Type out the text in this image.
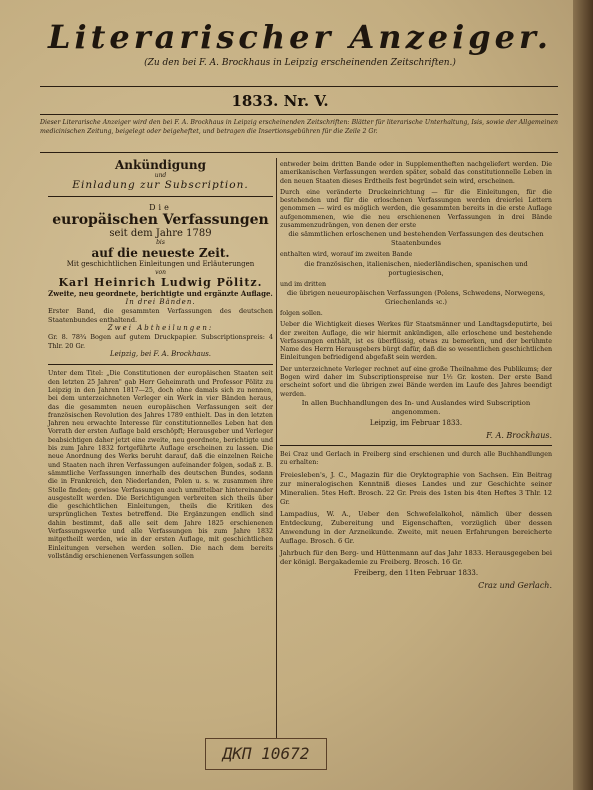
Literarischer Anzeiger.
(Zu den bei F. A. Brockhaus in Leipzig erscheinenden Zeitschriften.)
1833. Nr. V.
Dieser Literarische Anzeiger wird den bei F. A. Brockhaus in Leipzig erscheinenden Zeitschriften: Blätter für literarische Unterhaltung, Isis, sowie der Allgemeinen medicinischen Zeitung, beigelegt oder beigeheftet, und betragen die Insertionsgebühren für die Zeile 2 Gr.
Ankündigung
und
Einladung zur Subscription.
Die
europäischen Verfassungen
seit dem Jahre 1789
bis
auf die neueste Zeit.
Mit geschichtlichen Einleitungen und Erläuterungen
von
Karl Heinrich Ludwig Pölitz.
Zweite, neu geordnete, berichtigte und ergänzte Auflage.
In drei Bänden.
Erster Band, die gesammten Verfassungen des deutschen Staatenbundes enthaltend.
Zwei Abtheilungen:
Gr. 8. 78¾ Bogen auf gutem Druckpapier. Subscriptionspreis: 4 Thlr. 20 Gr.
Leipzig, bei F. A. Brockhaus.
Unter dem Titel: „Die Constitutionen der europäischen Staaten seit den letzten 25 Jahren" gab Herr Geheimrath und Professor Pölitz zu Leipzig in den Jahren 1817—25, doch ohne damals sich zu nennen, bei dem unterzeichneten Verleger ein Werk in vier Bänden heraus, das die gesammten neuen europäischen Verfassungen seit der französischen Revolution des Jahres 1789 enthielt. Das in den letzten Jahren neu erwachte Interesse für constitutionnelles Leben hat den Vorrath der ersten Auflage bald erschöpft; Herausgeber und Verleger beabsichtigen daher jetzt eine zweite, neu geordnete, berichtigte und bis zum Jahre 1832 fortgeführte Auflage erscheinen zu lassen. Die neue Anordnung des Werks beruht darauf, daß die einzelnen Reiche und Staaten nach ihren Verfassungen aufeinander folgen, sodaß z. B. sämmtliche Verfassungen innerhalb des deutschen Bundes, sodann die in Frankreich, den Niederlanden, Polen u. s. w. zusammen ihre Stelle finden; gewisse Verfassungen auch unmittelbar hintereinander ausgestellt werden. Die Berichtigungen verbreiten sich theils über die geschichtlichen Einleitungen, theils die Kritiken des ursprünglichen Textes betreffend. Die Ergänzungen endlich sind dahin bestimmt, daß alle seit dem Jahre 1825 erschienenen Verfassungswerke und alle Verfassungen bis zum Jahre 1832 mitgetheilt werden, wie in der ersten Auflage, mit geschichtlichen Einleitungen versehen werden sollen. Die nach dem bereits vollständig erschienenen Verfassungen sollen
entweder beim dritten Bande oder in Supplementheften nachgeliefert werden. Die amerikanischen Verfassungen werden später, sobald das constitutionnelle Leben in den neuen Staaten dieses Erdtheils fest begründet sein wird, erscheinen.
Durch eine veränderte Druckeinrichtung — für die Einleitungen, für die bestehenden und für die erloschenen Verfassungen werden dreierlei Lettern genommen — wird es möglich werden, die gesammten bereits in die erste Auflage aufgenommenen, wie die neu erschienenen Verfassungen in drei Bände zusammenzudrängen, von denen der erste
die sämmtlichen erloschenen und bestehenden Verfassungen des deutschen Staatenbundes
enthalten wird, worauf im zweiten Bande
die französischen, italienischen, niederländischen, spanischen und portugiesischen,
und im dritten
die übrigen neueuropäischen Verfassungen (Polens, Schwedens, Norwegens, Griechenlands ꝛc.)
folgen sollen.
Ueber die Wichtigkeit dieses Werkes für Staatsmänner und Landtagsdeputirte, bei der zweiten Auflage, die wir hiermit ankündigen, alle erloschene und bestehende Verfassungen enthält, ist es überflüssig, etwas zu bemerken, und der berühmte Name des Herrn Herausgebers bürgt dafür, daß die so wesentlichen geschichtlichen Einleitungen befriedigend abgefaßt sein werden.
Der unterzeichnete Verleger rechnet auf eine große Theilnahme des Publikums; der Bogen wird daher im Subscriptionspreise nur 1½ Gr. kosten. Der erste Band erscheint sofort und die übrigen zwei Bände werden im Laufe des Jahres beendigt werden.
In allen Buchhandlungen des In- und Auslandes wird Subscription angenommen.
Leipzig, im Februar 1833.
F. A. Brockhaus.
Bei Craz und Gerlach in Freiberg sind erschienen und durch alle Buchhandlungen zu erhalten:
Freiesleben's, J. C., Magazin für die Oryktographie von Sachsen. Ein Beitrag zur mineralogischen Kenntniß dieses Landes und zur Geschichte seiner Mineralien. 5tes Heft. Brosch. 22 Gr. Preis des 1sten bis 4ten Heftes 3 Thlr. 12 Gr.
Lampadius, W. A., Ueber den Schwefelalkohol, nämlich über dessen Entdeckung, Zubereitung und Eigenschaften, vorzüglich über dessen Anwendung in der Arzneikunde. Zweite, mit neuen Erfahrungen bereicherte Auflage. Brosch. 6 Gr.
Jahrbuch für den Berg- und Hüttenmann auf das Jahr 1833. Herausgegeben bei der königl. Bergakademie zu Freiberg. Brosch. 16 Gr.
Freiberg, den 11ten Februar 1833.
Craz und Gerlach.
ДКП 10672
